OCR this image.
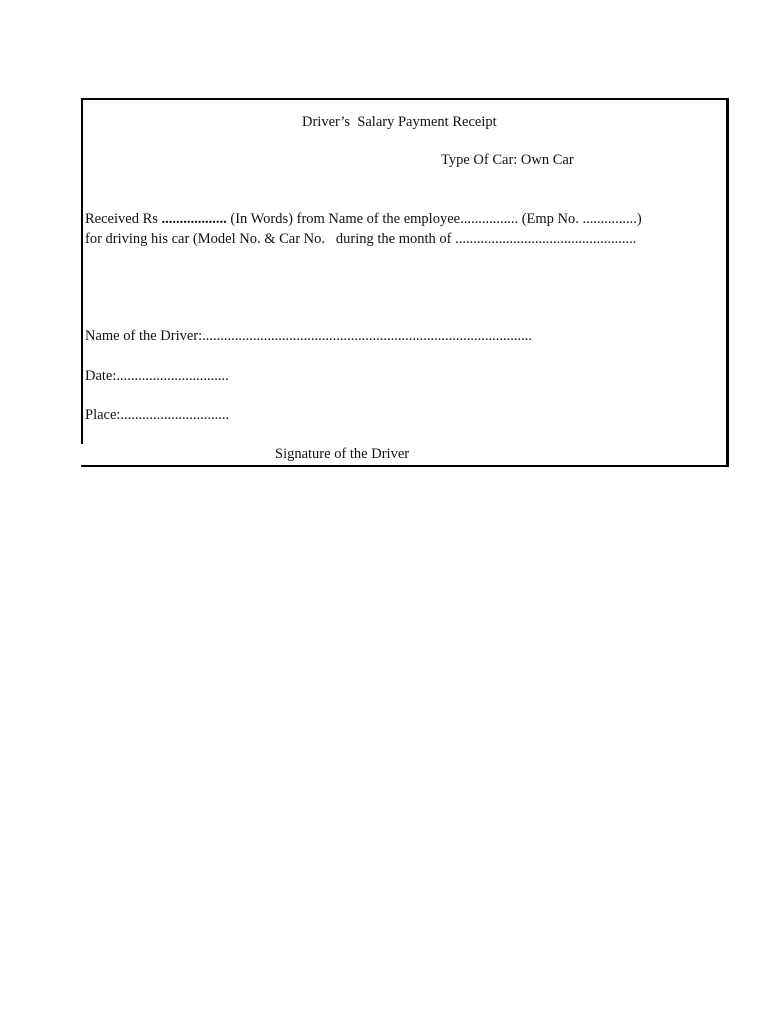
Driver’s  Salary Payment Receipt
Type Of Car: Own Car
Received Rs .................. (In Words) from Name of the employee................ (Emp No. ...............)
for driving his car (Model No. & Car No.   during the month of ..................................................
Name of the Driver:...........................................................................................
Date:...............................
Place:..............................
Signature of the Driver
